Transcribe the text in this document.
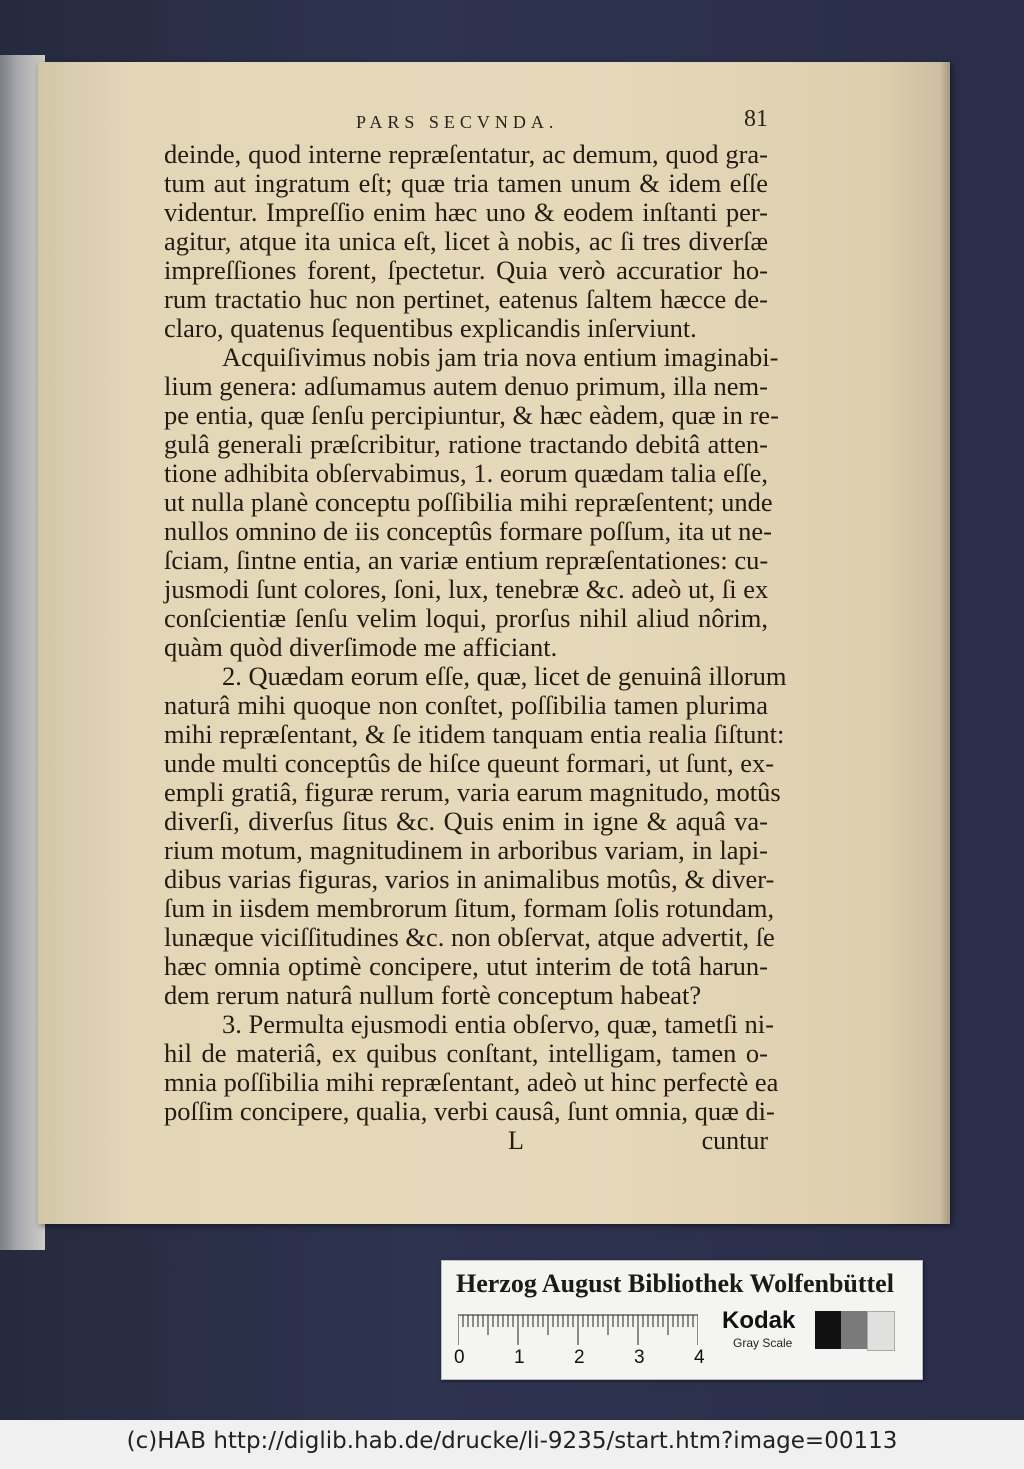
PARS SECVNDA.	81
deinde, quod interne repræſentatur, ac demum, quod gra-
tum aut ingratum eſt; quæ tria tamen unum & idem eſſe
videntur. Impreſſio enim hæc uno & eodem inſtanti per-
agitur, atque ita unica eſt, licet à nobis, ac ſi tres diverſæ
impreſſiones forent, ſpectetur. Quia verò accuratior ho-
rum tractatio huc non pertinet, eatenus ſaltem hæcce de-
claro, quatenus ſequentibus explicandis inſerviunt.
Acquiſivimus nobis jam tria nova entium imaginabi-
lium genera: adſumamus autem denuo primum, illa nem-
pe entia, quæ ſenſu percipiuntur, & hæc eàdem, quæ in re-
gulâ generali præſcribitur, ratione tractando debitâ atten-
tione adhibita obſervabimus, 1. eorum quædam talia eſſe,
ut nulla planè conceptu poſſibilia mihi repræſentent; unde
nullos omnino de iis conceptûs formare poſſum, ita ut ne-
ſciam, ſintne entia, an variæ entium repræſentationes: cu-
jusmodi ſunt colores, ſoni, lux, tenebræ &c. adeò ut, ſi ex
conſcientiæ ſenſu velim loqui, prorſus nihil aliud nôrim,
quàm quòd diverſimode me afficiant.
2. Quædam eorum eſſe, quæ, licet de genuinâ illorum
naturâ mihi quoque non conſtet, poſſibilia tamen plurima
mihi repræſentant, & ſe itidem tanquam entia realia ſiſtunt:
unde multi conceptûs de hiſce queunt formari, ut ſunt, ex-
empli gratiâ, figuræ rerum, varia earum magnitudo, motûs
diverſi, diverſus ſitus &c. Quis enim in igne & aquâ va-
rium motum, magnitudinem in arboribus variam, in lapi-
dibus varias figuras, varios in animalibus motûs, & diver-
ſum in iisdem membrorum ſitum, formam ſolis rotundam,
lunæque viciſſitudines &c. non obſervat, atque advertit, ſe
hæc omnia optimè concipere, utut interim de totâ harun-
dem rerum naturâ nullum fortè conceptum habeat?
3. Permulta ejusmodi entia obſervo, quæ, tametſi ni-
hil de materiâ, ex quibus conſtant, intelligam, tamen o-
mnia poſſibilia mihi repræſentant, adeò ut hinc perfectè ea
poſſim concipere, qualia, verbi causâ, ſunt omnia, quæ di-
L	cuntur
Herzog August Bibliothek Wolfenbüttel
0	1	2	3	4
Kodak
Gray Scale
(c)HAB http://diglib.hab.de/drucke/li-9235/start.htm?image=00113
